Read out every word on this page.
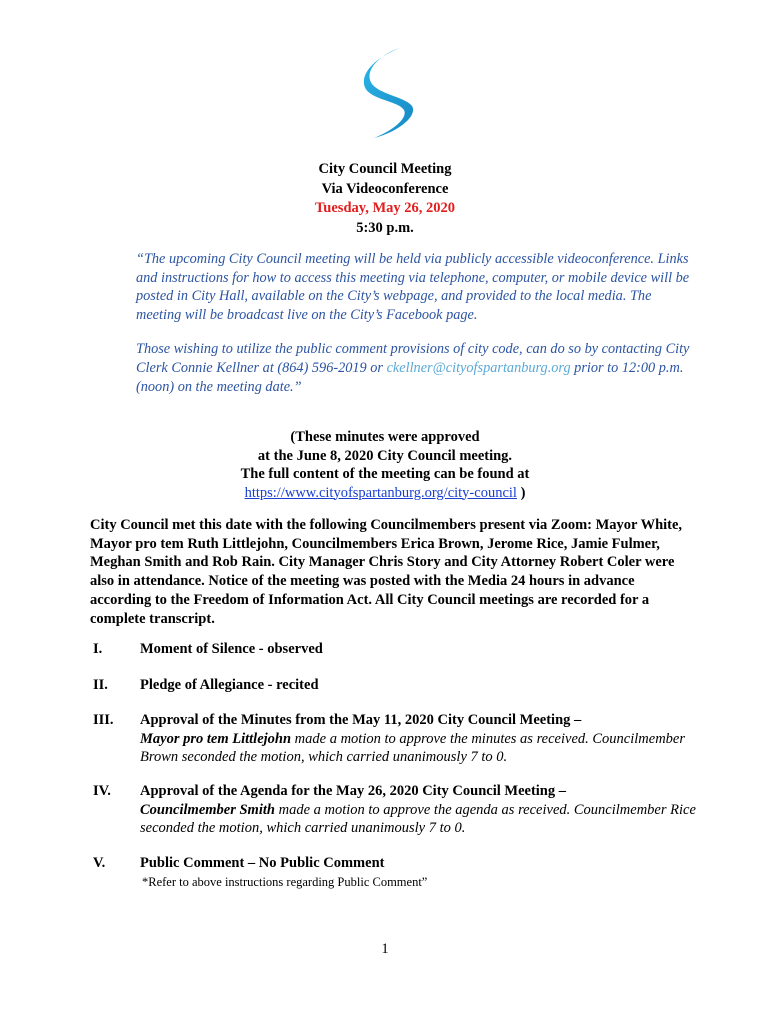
City Council Meeting
Via Videoconference
Tuesday, May 26, 2020
5:30 p.m.

“The upcoming City Council meeting will be held via publicly accessible videoconference. Links and instructions for how to access this meeting via telephone, computer, or mobile device will be posted in City Hall, available on the City’s webpage, and provided to the local media. The meeting will be broadcast live on the City’s Facebook page.

Those wishing to utilize the public comment provisions of city code, can do so by contacting City Clerk Connie Kellner at (864) 596-2019 or ckellner@cityofspartanburg.org prior to 12:00 p.m. (noon) on the meeting date.”

(These minutes were approved
at the June 8, 2020 City Council meeting.
The full content of the meeting can be found at
https://www.cityofspartanburg.org/city-council )
City Council met this date with the following Councilmembers present via Zoom: Mayor White, Mayor pro tem Ruth Littlejohn, Councilmembers Erica Brown, Jerome Rice, Jamie Fulmer, Meghan Smith and Rob Rain. City Manager Chris Story and City Attorney Robert Coler were also in attendance. Notice of the meeting was posted with the Media 24 hours in advance according to the Freedom of Information Act. All City Council meetings are recorded for a complete transcript.
I.	Moment of Silence - observed
II. Pledge of Allegiance - recited
III. Approval of the Minutes from the May 11, 2020 City Council Meeting –
Mayor pro tem Littlejohn made a motion to approve the minutes as received. Councilmember Brown seconded the motion, which carried unanimously 7 to 0.
IV. Approval of the Agenda for the May 26, 2020 City Council Meeting –
Councilmember Smith made a motion to approve the agenda as received. Councilmember Rice seconded the motion, which carried unanimously 7 to 0.
V. Public Comment – No Public Comment
*Refer to above instructions regarding Public Comment”
1
